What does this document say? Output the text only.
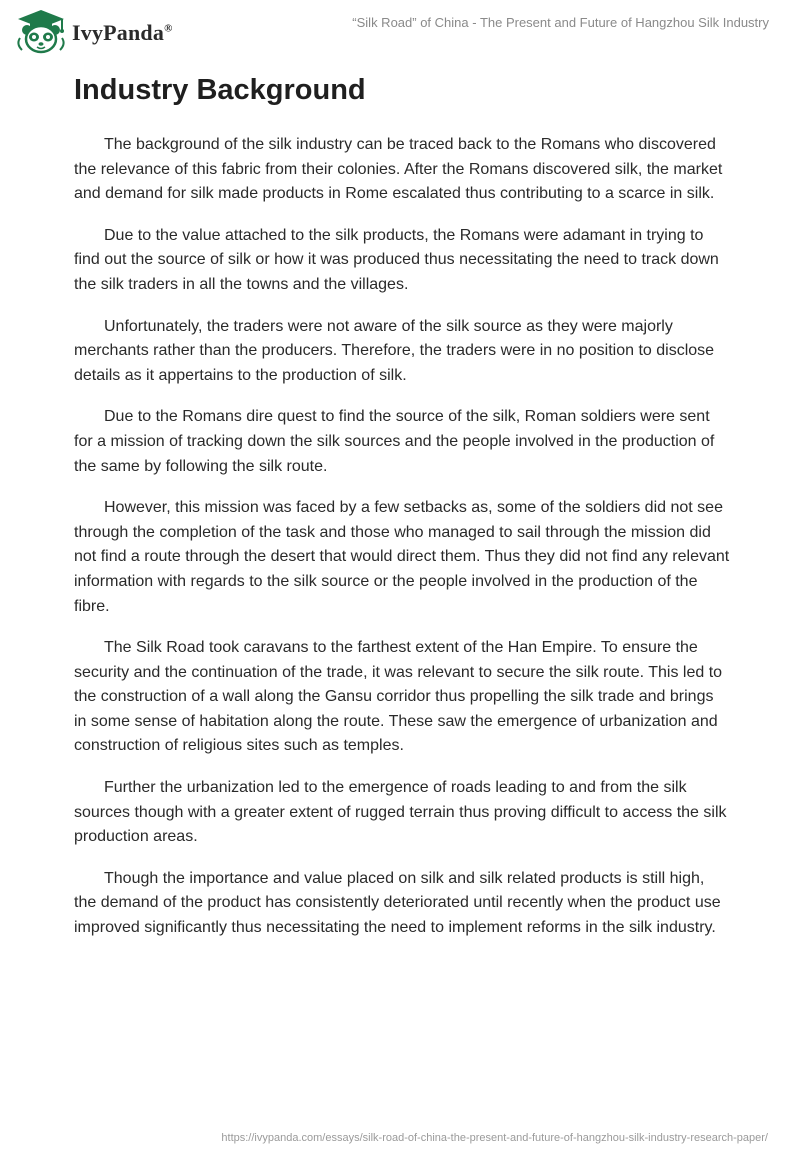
IvyPanda®	“Silk Road” of China - The Present and Future of Hangzhou Silk Industry
Industry Background

The background of the silk industry can be traced back to the Romans who discovered the relevance of this fabric from their colonies. After the Romans discovered silk, the market and demand for silk made products in Rome escalated thus contributing to a scarce in silk.

Due to the value attached to the silk products, the Romans were adamant in trying to find out the source of silk or how it was produced thus necessitating the need to track down the silk traders in all the towns and the villages.

Unfortunately, the traders were not aware of the silk source as they were majorly merchants rather than the producers. Therefore, the traders were in no position to disclose details as it appertains to the production of silk.

Due to the Romans dire quest to find the source of the silk, Roman soldiers were sent for a mission of tracking down the silk sources and the people involved in the production of the same by following the silk route.

However, this mission was faced by a few setbacks as, some of the soldiers did not see through the completion of the task and those who managed to sail through the mission did not find a route through the desert that would direct them. Thus they did not find any relevant information with regards to the silk source or the people involved in the production of the fibre.

The Silk Road took caravans to the farthest extent of the Han Empire. To ensure the security and the continuation of the trade, it was relevant to secure the silk route. This led to the construction of a wall along the Gansu corridor thus propelling the silk trade and brings in some sense of habitation along the route. These saw the emergence of urbanization and construction of religious sites such as temples.

Further the urbanization led to the emergence of roads leading to and from the silk sources though with a greater extent of rugged terrain thus proving difficult to access the silk production areas.

Though the importance and value placed on silk and silk related products is still high, the demand of the product has consistently deteriorated until recently when the product use improved significantly thus necessitating the need to implement reforms in the silk industry.

https://ivypanda.com/essays/silk-road-of-china-the-present-and-future-of-hangzhou-silk-industry-research-paper/
